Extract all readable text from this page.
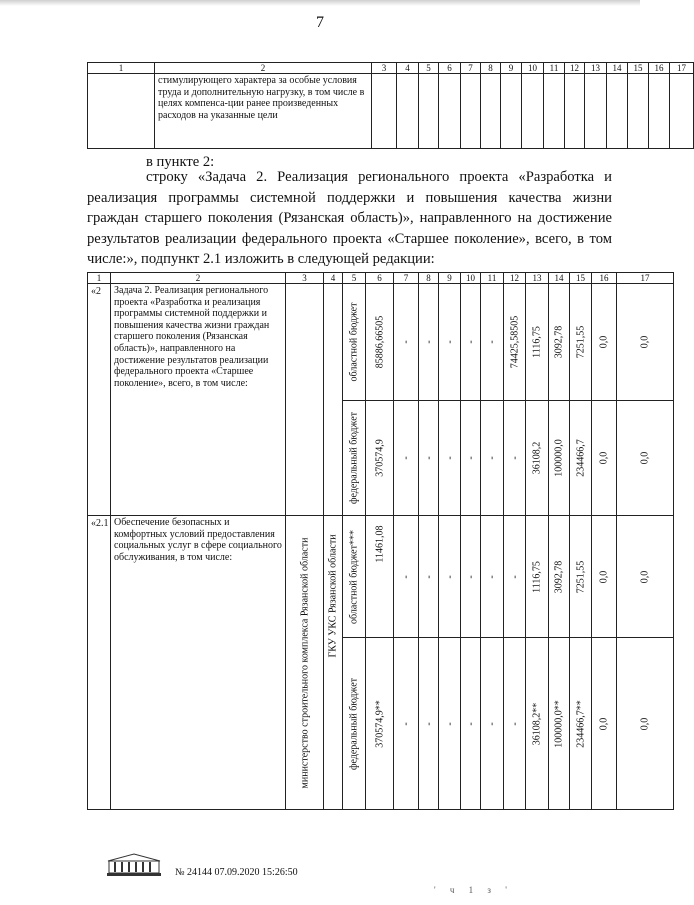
7
1	2	3	4	5	6	7	8	9	10	11	12	13	14	15	16	17
	стимулирующего характера за особые условия труда и дополнительную нагрузку, в том числе в целях компенса-ции ранее произведенных расходов на указанные цели															
в пункте 2:
строку «Задача 2. Реализация регионального проекта «Разработка и реализация программы системной поддержки и повышения качества жизни граждан старшего поколения (Рязанская область)», направленного на достижение результатов реализации федерального проекта «Старшее поколение», всего, в том числе:», подпункт 2.1 изложить в следующей редакции:
1	2	3	4	5	6	7	8	9	10	11	12	13	14	15	16	17
«2	Задача 2. Реализация регионального проекта «Разработка и реализация программы системной поддержки и повышения качества жизни граждан старшего поколения (Рязанская область)», направленного на достижение результатов реализации федерального проекта «Старшее поколение», всего, в том числе:			областной бюджет	85886,66505	-	-	-	-	-	74425,58505	1116,75	3092,78	7251,55	0,0	0,0

				федеральный бюджет	370574,9	-	-	-	-	-	-	36108,2	100000,0	234466,7	0,0	0,0

«2.1	Обеспечение безопасных и комфортных условий предоставления социальных услуг в сфере социального обслуживания, в том числе:	министерство строительного комплекса Рязанской области	ГКУ УКС Рязанской области	областной бюджет***	11461,08	-	-	-	-	-	-	1116,75	3092,78	7251,55	0,0	0,0

				федеральный бюджет	370574,9**	-	-	-	-	-	-	36108,2**	100000,0**	234466,7**	0,0	0,0
№ 24144 07.09.2020 15:26:50
' ч 1 з '
